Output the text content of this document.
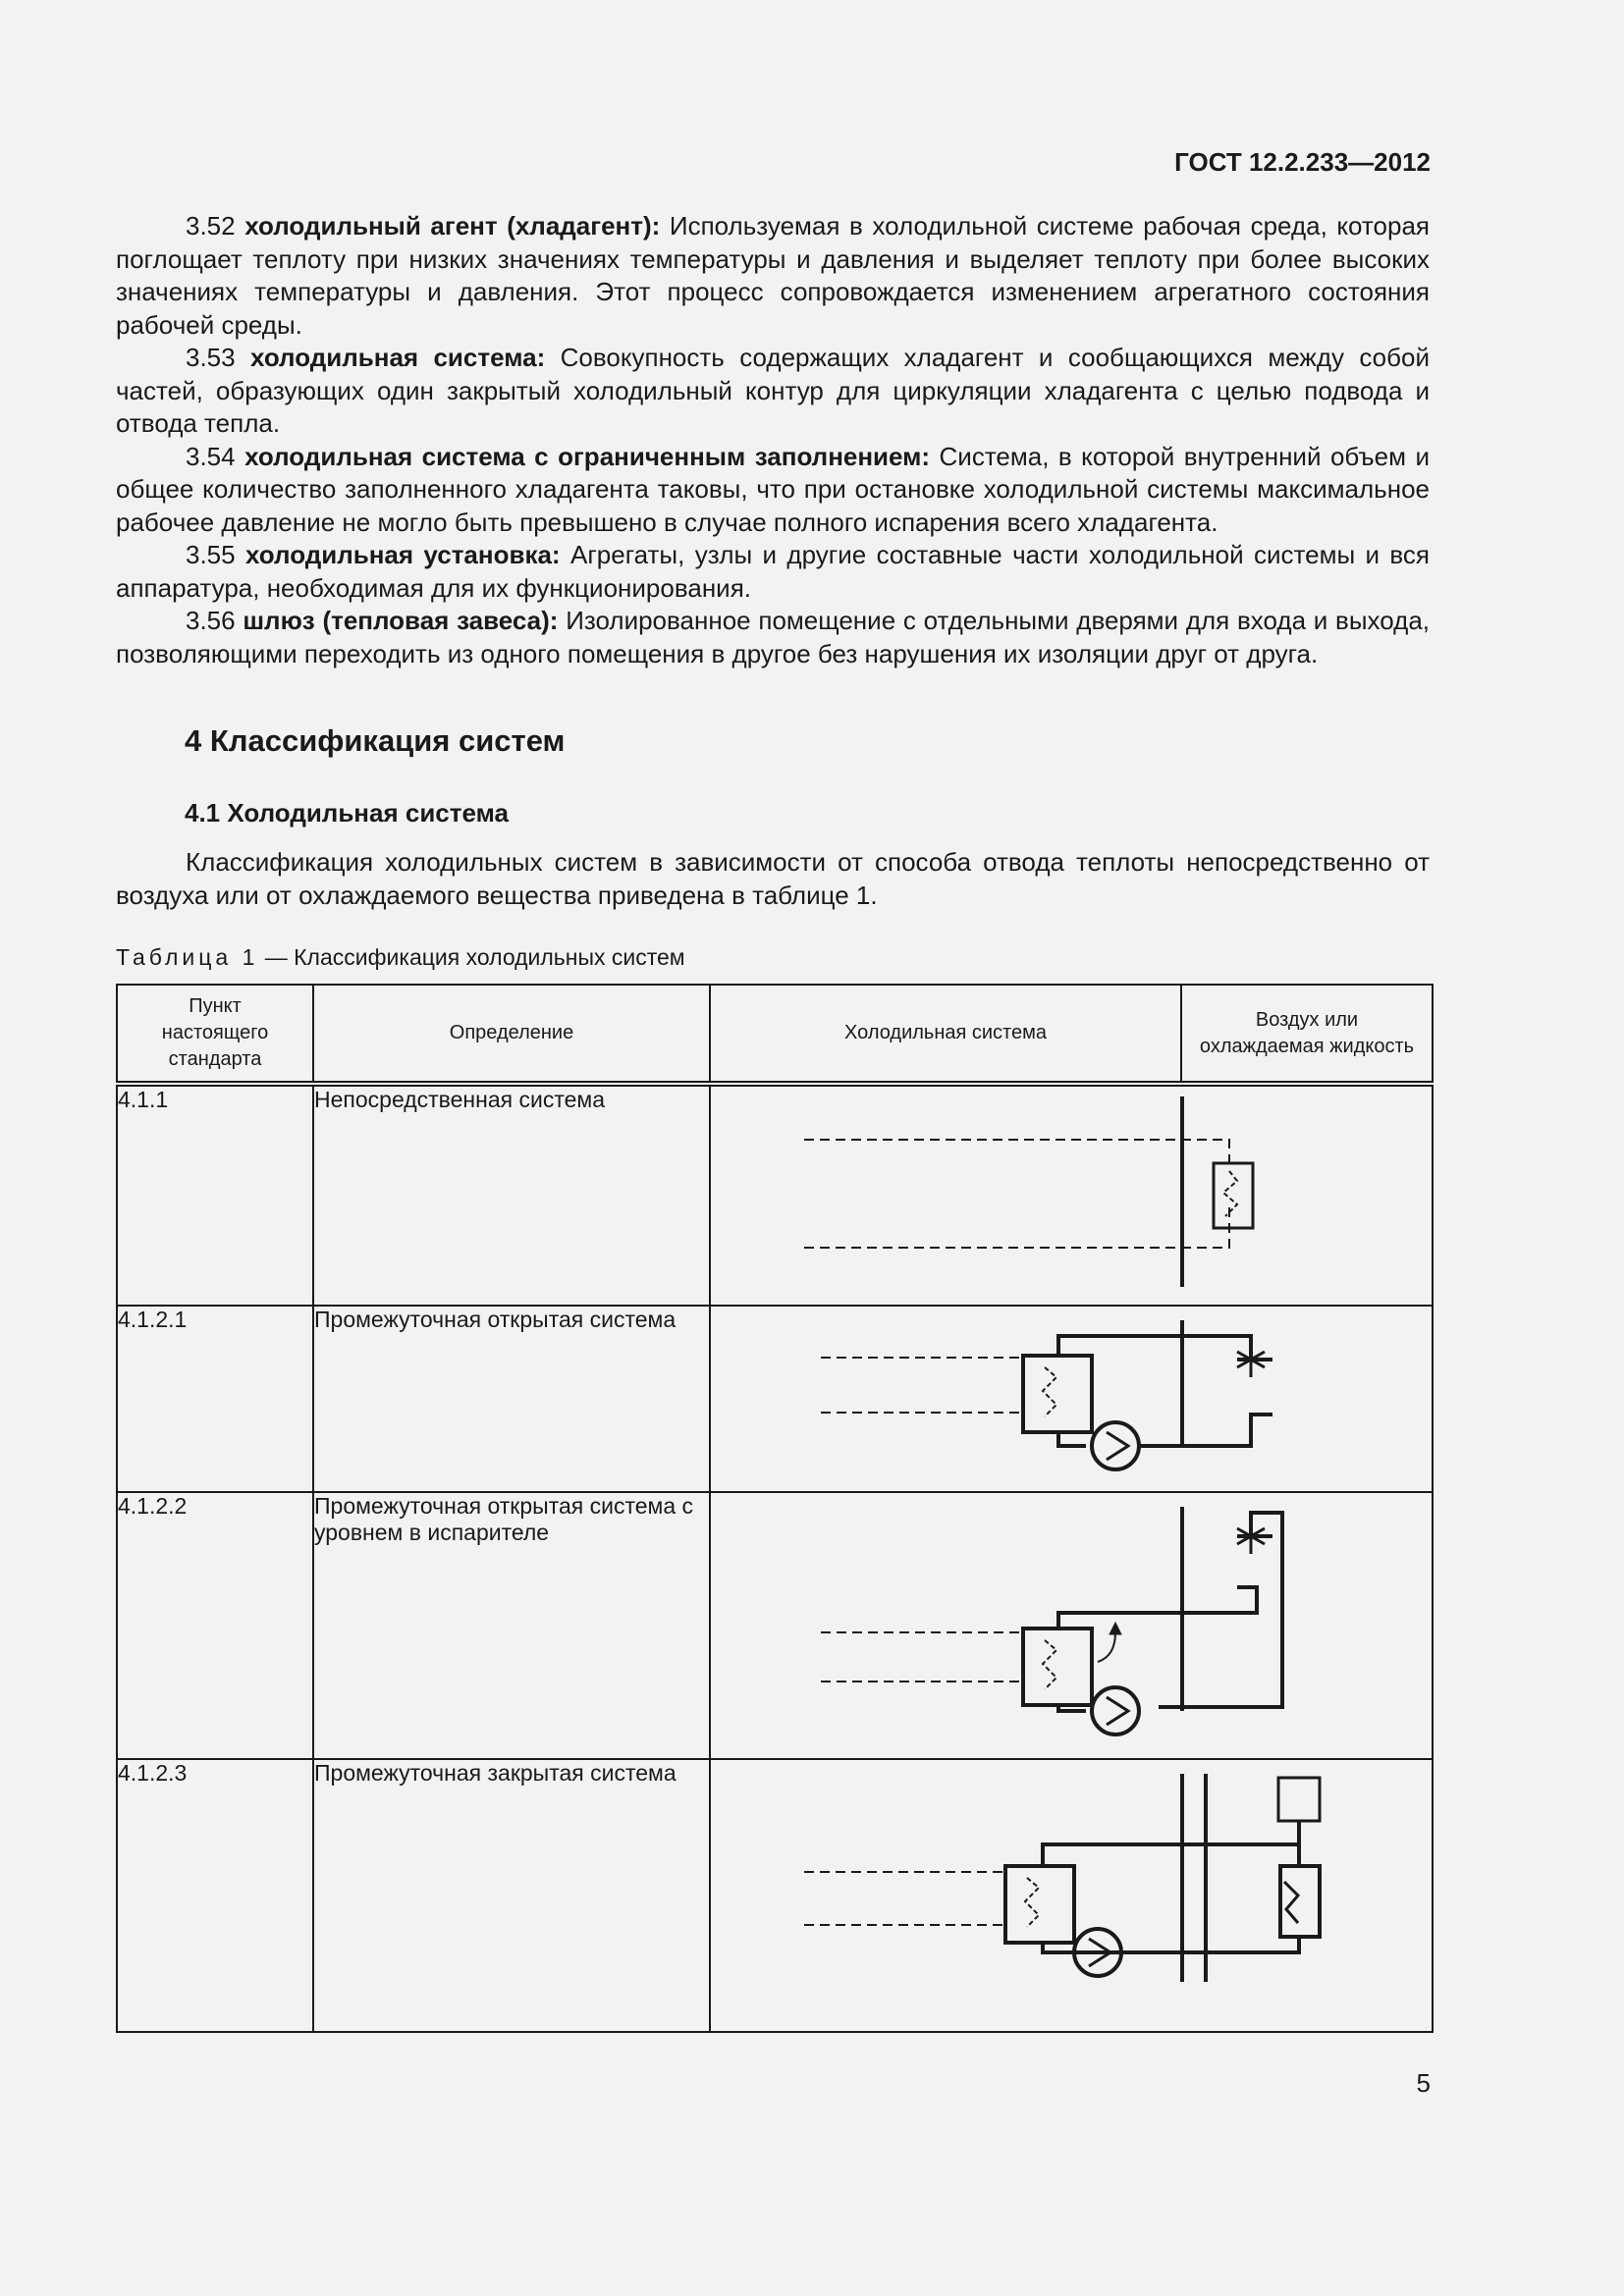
ГОСТ 12.2.233—2012

3.52 холодильный агент (хладагент): Используемая в холодильной системе рабочая среда, которая поглощает теплоту при низких значениях температуры и давления и выделяет теплоту при более высоких значениях температуры и давления. Этот процесс сопровождается изменением агрегатного состояния рабочей среды.

3.53 холодильная система: Совокупность содержащих хладагент и сообщающихся между собой частей, образующих один закрытый холодильный контур для циркуляции хладагента с целью подвода и отвода тепла.

3.54 холодильная система с ограниченным заполнением: Система, в которой внутренний объем и общее количество заполненного хладагента таковы, что при остановке холодильной системы максимальное рабочее давление не могло быть превышено в случае полного испарения всего хладагента.

3.55 холодильная установка: Агрегаты, узлы и другие составные части холодильной системы и вся аппаратура, необходимая для их функционирования.

3.56 шлюз (тепловая завеса): Изолированное помещение с отдельными дверями для входа и выхода, позволяющими переходить из одного помещения в другое без нарушения их изоляции друг от друга.

4 Классификация систем
4.1 Холодильная система

Классификация холодильных систем в зависимости от способа отвода теплоты непосредственно от воздуха или от охлаждаемого вещества приведена в таблице 1.

Таблица 1 — Классификация холодильных систем
Пункт настоящего стандарта	Определение	Холодильная система	Воздух или охлаждаемая жидкость

4.1.1	Непосредственная система	

4.1.2.1	Промежуточная открытая система	

4.1.2.2	Промежуточная открытая система с уровнем в испарителе	

4.1.2.3	Промежуточная закрытая система	
5
